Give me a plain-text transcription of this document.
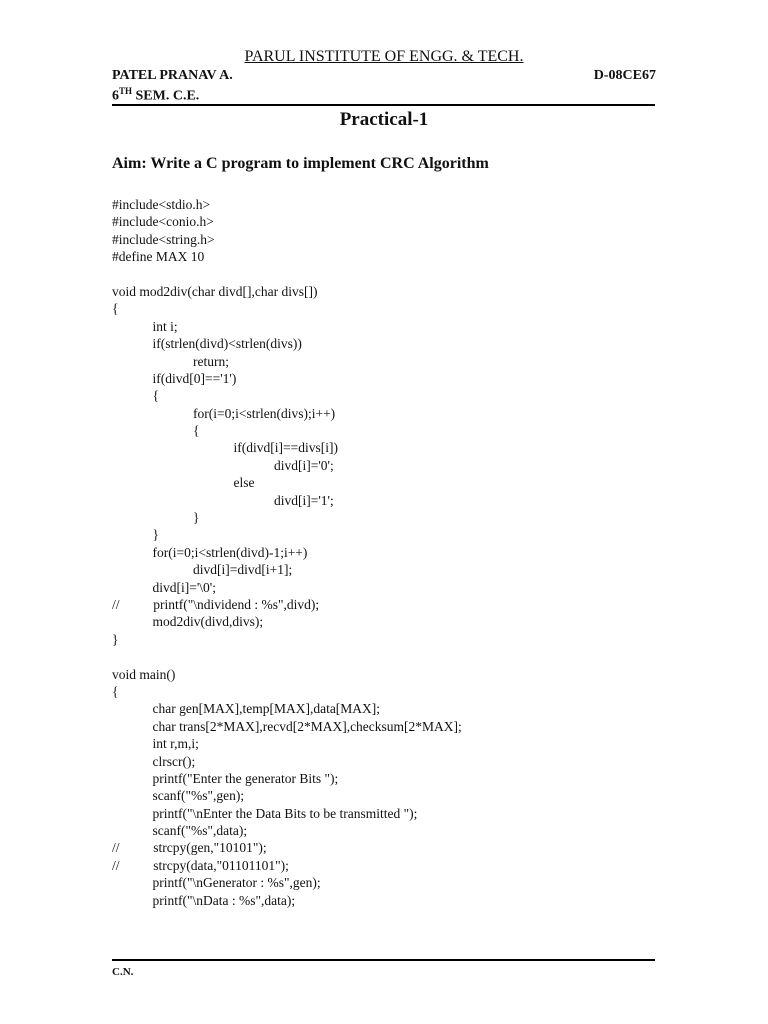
PARUL INSTITUTE OF ENGG. & TECH.
PATEL PRANAV A.	D-08CE67
6TH SEM. C.E.
Practical-1
Aim: Write a C program to implement CRC Algorithm
#include<stdio.h>
#include<conio.h>
#include<string.h>
#define MAX 10
void mod2div(char divd[],char divs[])
{
int i;
if(strlen(divd)<strlen(divs))
return;
if(divd[0]=='1')
{
for(i=0;i<strlen(divs);i++)
{
if(divd[i]==divs[i])
divd[i]='0';
else
divd[i]='1';
}
}
for(i=0;i<strlen(divd)-1;i++)
divd[i]=divd[i+1];
divd[i]='\0';
//          printf("\ndividend : %s",divd);
mod2div(divd,divs);
}
void main()
{
char gen[MAX],temp[MAX],data[MAX];
char trans[2*MAX],recvd[2*MAX],checksum[2*MAX];
int r,m,i;
clrscr();
printf("Enter the generator Bits ");
scanf("%s",gen);
printf("\nEnter the Data Bits to be transmitted ");
scanf("%s",data);
//          strcpy(gen,"10101");
//          strcpy(data,"01101101");
printf("\nGenerator : %s",gen);
printf("\nData : %s",data);
C.N.
